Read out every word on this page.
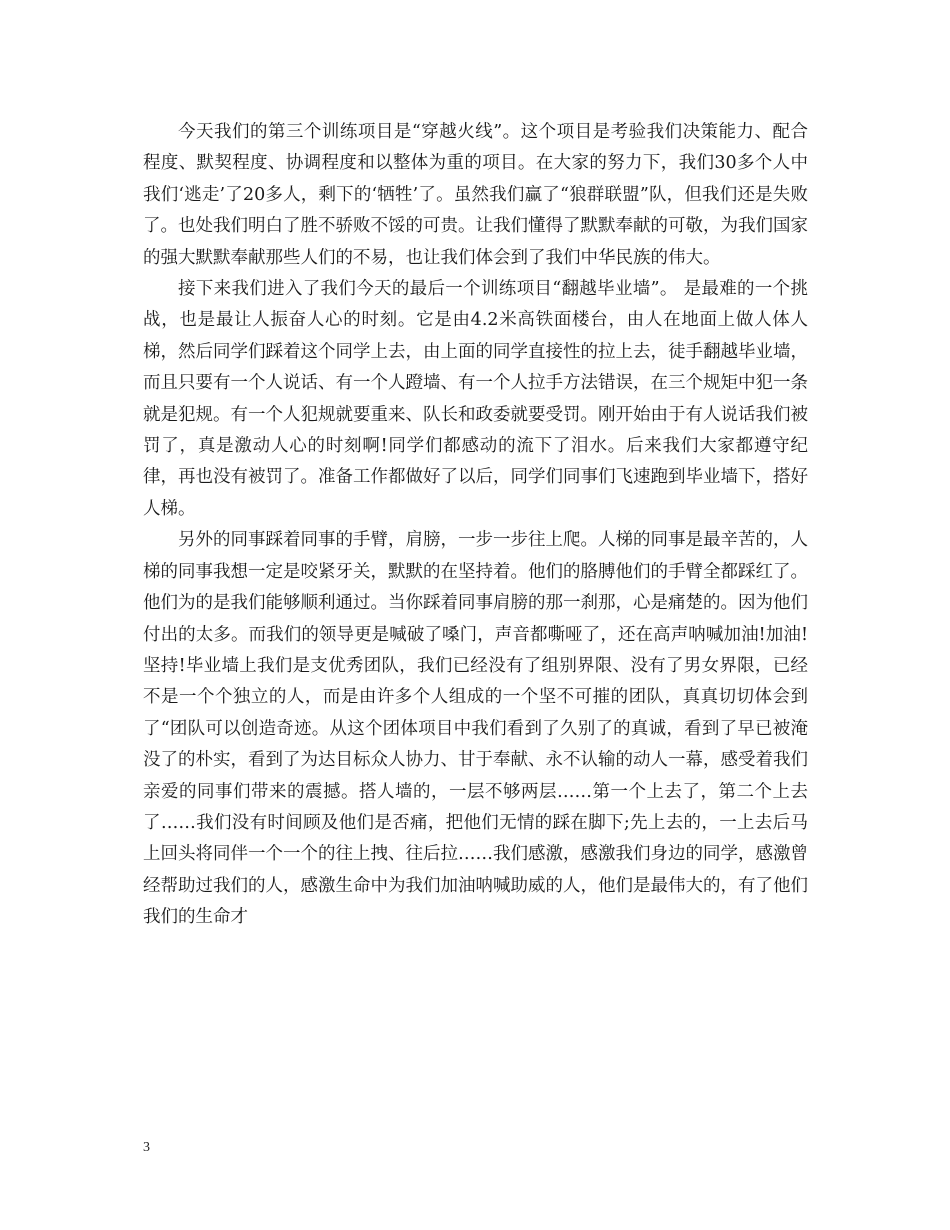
今天我们的第三个训练项目是“穿越火线”。这个项目是考验我们决策能力、配合程度、默契程度、协调程度和以整体为重的项目。在大家的努力下，我们30多个人中我们‘逃走’了20多人，剩下的‘牺牲’了。虽然我们赢了“狼群联盟”队，但我们还是失败了。也处我们明白了胜不骄败不馁的可贵。让我们懂得了默默奉献的可敬，为我们国家的强大默默奉献那些人们的不易，也让我们体会到了我们中华民族的伟大。

接下来我们进入了我们今天的最后一个训练项目“翻越毕业墙”。 是最难的一个挑战，也是最让人振奋人心的时刻。它是由4.2米高铁面楼台，由人在地面上做人体人梯，然后同学们踩着这个同学上去，由上面的同学直接性的拉上去，徒手翻越毕业墙，而且只要有一个人说话、有一个人蹬墙、有一个人拉手方法错误，在三个规矩中犯一条就是犯规。有一个人犯规就要重来、队长和政委就要受罚。刚开始由于有人说话我们被罚了，真是激动人心的时刻啊!同学们都感动的流下了泪水。后来我们大家都遵守纪律，再也没有被罚了。准备工作都做好了以后，同学们同事们飞速跑到毕业墙下，搭好人梯。

另外的同事踩着同事的手臂，肩膀，一步一步往上爬。人梯的同事是最辛苦的，人梯的同事我想一定是咬紧牙关，默默的在坚持着。他们的胳膊他们的手臂全都踩红了。他们为的是我们能够顺利通过。当你踩着同事肩膀的那一刹那，心是痛楚的。因为他们付出的太多。而我们的领导更是喊破了嗓门，声音都嘶哑了，还在高声呐喊加油!加油!坚持!毕业墙上我们是支优秀团队，我们已经没有了组别界限、没有了男女界限，已经不是一个个独立的人，而是由许多个人组成的一个坚不可摧的团队，真真切切体会到了“团队可以创造奇迹。从这个团体项目中我们看到了久别了的真诚，看到了早已被淹没了的朴实，看到了为达目标众人协力、甘于奉献、永不认输的动人一幕，感受着我们亲爱的同事们带来的震撼。搭人墙的，一层不够两层……第一个上去了，第二个上去了……我们没有时间顾及他们是否痛，把他们无情的踩在脚下;先上去的，一上去后马上回头将同伴一个一个的往上拽、往后拉……我们感激，感激我们身边的同学，感激曾经帮助过我们的人，感激生命中为我们加油呐喊助威的人，他们是最伟大的，有了他们我们的生命才

3
